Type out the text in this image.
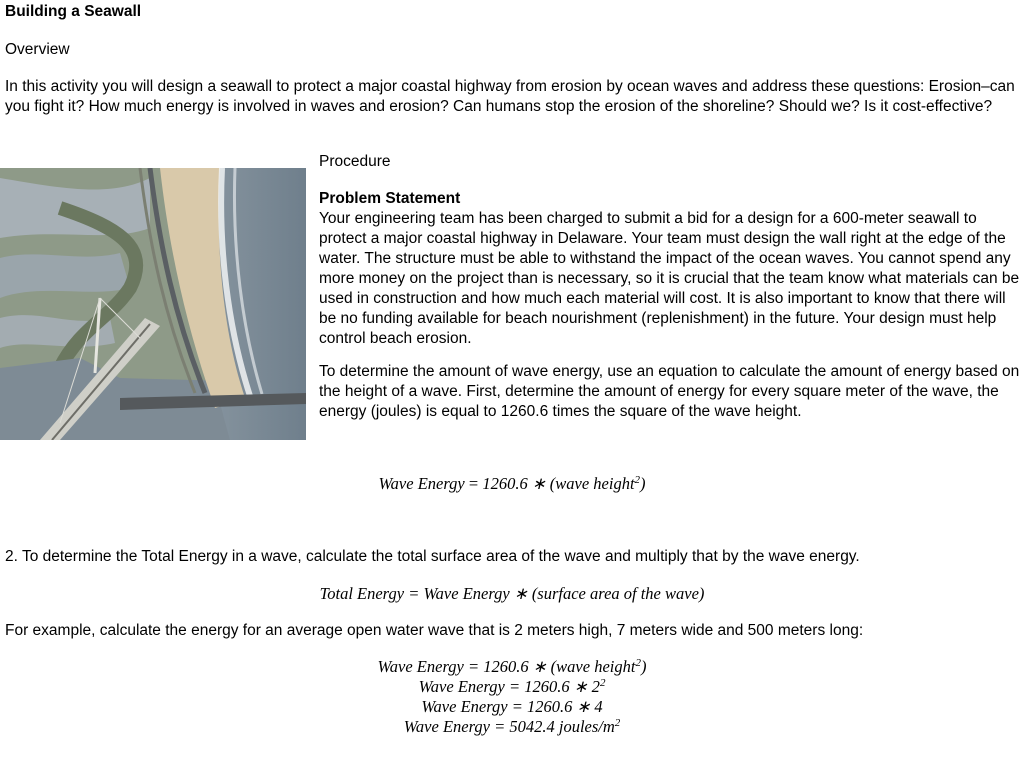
Building a Seawall
Overview
In this activity you will design a seawall to protect a major coastal highway from erosion by ocean waves and address these questions: Erosion–can you fight it? How much energy is involved in waves and erosion? Can humans stop the erosion of the shoreline? Should we? Is it cost-effective?
Procedure
Problem Statement
Your engineering team has been charged to submit a bid for a design for a 600-meter seawall to protect a major coastal highway in Delaware. Your team must design the wall right at the edge of the water. The structure must be able to withstand the impact of the ocean waves. You cannot spend any more money on the project than is necessary, so it is crucial that the team know what materials can be used in construction and how much each material will cost. It is also important to know that there will be no funding available for beach nourishment (replenishment) in the future. Your design must help control beach erosion.
To determine the amount of wave energy, use an equation to calculate the amount of energy based on the height of a wave. First, determine the amount of energy for every square meter of the wave, the energy (joules) is equal to 1260.6 times the square of the wave height.
Wave Energy = 1260.6 ∗ (wave height$^2$)
2. To determine the Total Energy in a wave, calculate the total surface area of the wave and multiply that by the wave energy.
Total Energy = Wave Energy ∗ (surface area of the wave)
For example, calculate the energy for an average open water wave that is 2 meters high, 7 meters wide and 500 meters long:
Wave Energy = 1260.6 ∗ (wave height$^2$)
Wave Energy = 1260.6 ∗ $2^2$
Wave Energy = 1260.6 ∗ 4
Wave Energy = 5042.4 joules/$m^2$
